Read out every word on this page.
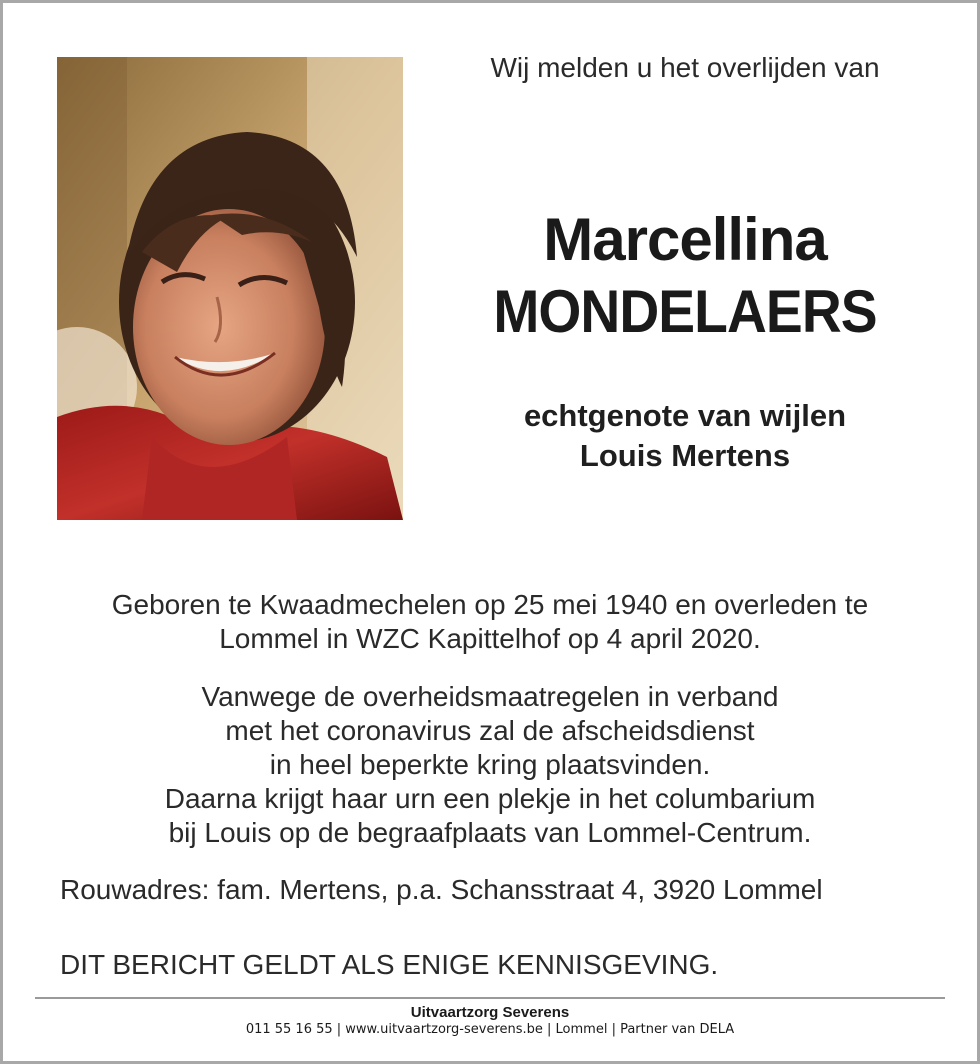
Wij melden u het overlijden van
Marcellina
MONDELAERS
echtgenote van wijlen
Louis Mertens
Geboren te Kwaadmechelen op 25 mei 1940 en overleden te
Lommel in WZC Kapittelhof op 4 april 2020.
Vanwege de overheidsmaatregelen in verband
met het coronavirus zal de afscheidsdienst
in heel beperkte kring plaatsvinden.
Daarna krijgt haar urn een plekje in het columbarium
bij Louis op de begraafplaats van Lommel-Centrum.
Rouwadres: fam. Mertens, p.a. Schansstraat 4, 3920 Lommel
DIT BERICHT GELDT ALS ENIGE KENNISGEVING.
Uitvaartzorg Severens
011 55 16 55 | www.uitvaartzorg-severens.be | Lommel | Partner van DELA
